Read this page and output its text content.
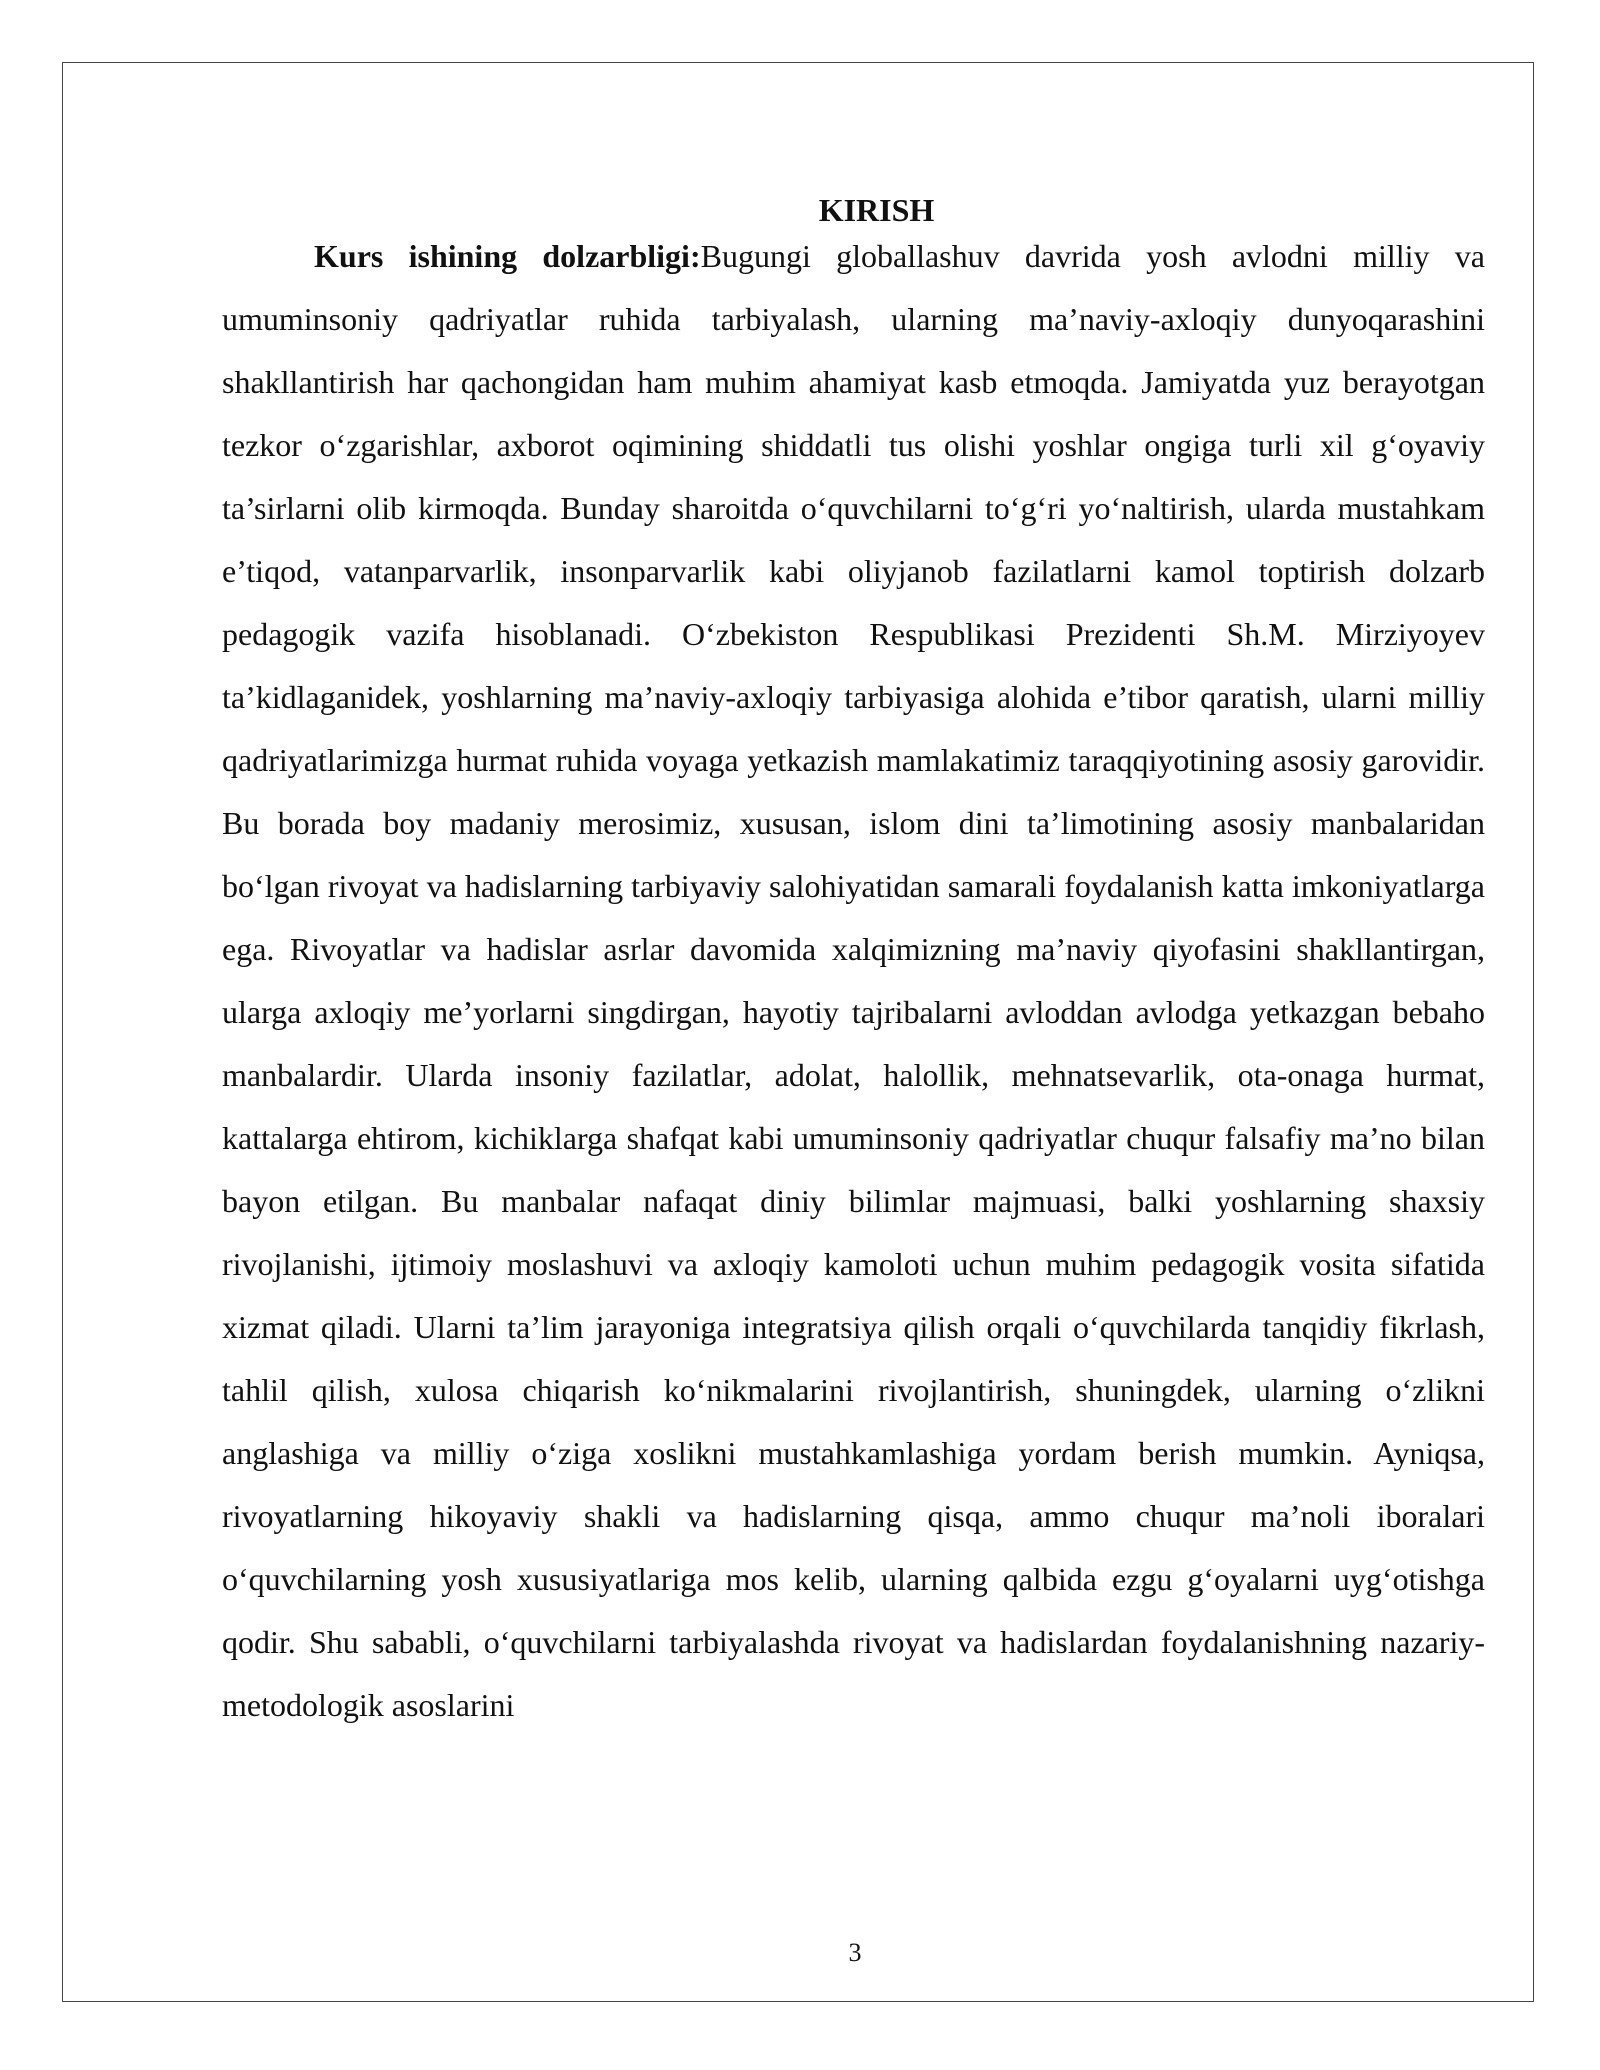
KIRISH

Kurs ishining dolzarbligi:Bugungi globallashuv davrida yosh avlodni milliy va umuminsoniy qadriyatlar ruhida tarbiyalash, ularning ma’naviy-axloqiy dunyoqarashini shakllantirish har qachongidan ham muhim ahamiyat kasb etmoqda. Jamiyatda yuz berayotgan tezkor o‘zgarishlar, axborot oqimining shiddatli tus olishi yoshlar ongiga turli xil g‘oyaviy ta’sirlarni olib kirmoqda. Bunday sharoitda o‘quvchilarni to‘g‘ri yo‘naltirish, ularda mustahkam e’tiqod, vatanparvarlik, insonparvarlik kabi oliyjanob fazilatlarni kamol toptirish dolzarb pedagogik vazifa hisoblanadi. O‘zbekiston Respublikasi Prezidenti Sh.M. Mirziyoyev ta’kidlaganidek, yoshlarning ma’naviy-axloqiy tarbiyasiga alohida e’tibor qaratish, ularni milliy qadriyatlarimizga hurmat ruhida voyaga yetkazish mamlakatimiz taraqqiyotining asosiy garovidir. Bu borada boy madaniy merosimiz, xususan, islom dini ta’limotining asosiy manbalaridan bo‘lgan rivoyat va hadislarning tarbiyaviy salohiyatidan samarali foydalanish katta imkoniyatlarga ega. Rivoyatlar va hadislar asrlar davomida xalqimizning ma’naviy qiyofasini shakllantirgan, ularga axloqiy me’yorlarni singdirgan, hayotiy tajribalarni avloddan avlodga yetkazgan bebaho manbalardir. Ularda insoniy fazilatlar, adolat, halollik, mehnatsevarlik, ota-onaga hurmat, kattalarga ehtirom, kichiklarga shafqat kabi umuminsoniy qadriyatlar chuqur falsafiy ma’no bilan bayon etilgan. Bu manbalar nafaqat diniy bilimlar majmuasi, balki yoshlarning shaxsiy rivojlanishi, ijtimoiy moslashuvi va axloqiy kamoloti uchun muhim pedagogik vosita sifatida xizmat qiladi. Ularni ta’lim jarayoniga integratsiya qilish orqali o‘quvchilarda tanqidiy fikrlash, tahlil qilish, xulosa chiqarish ko‘nikmalarini rivojlantirish, shuningdek, ularning o‘zlikni anglashiga va milliy o‘ziga xoslikni mustahkamlashiga yordam berish mumkin. Ayniqsa, rivoyatlarning hikoyaviy shakli va hadislarning qisqa, ammo chuqur ma’noli iboralari o‘quvchilarning yosh xususiyatlariga mos kelib, ularning qalbida ezgu g‘oyalarni uyg‘otishga qodir. Shu sababli, o‘quvchilarni tarbiyalashda rivoyat va hadislardan foydalanishning nazariy-metodologik asoslarini

3
